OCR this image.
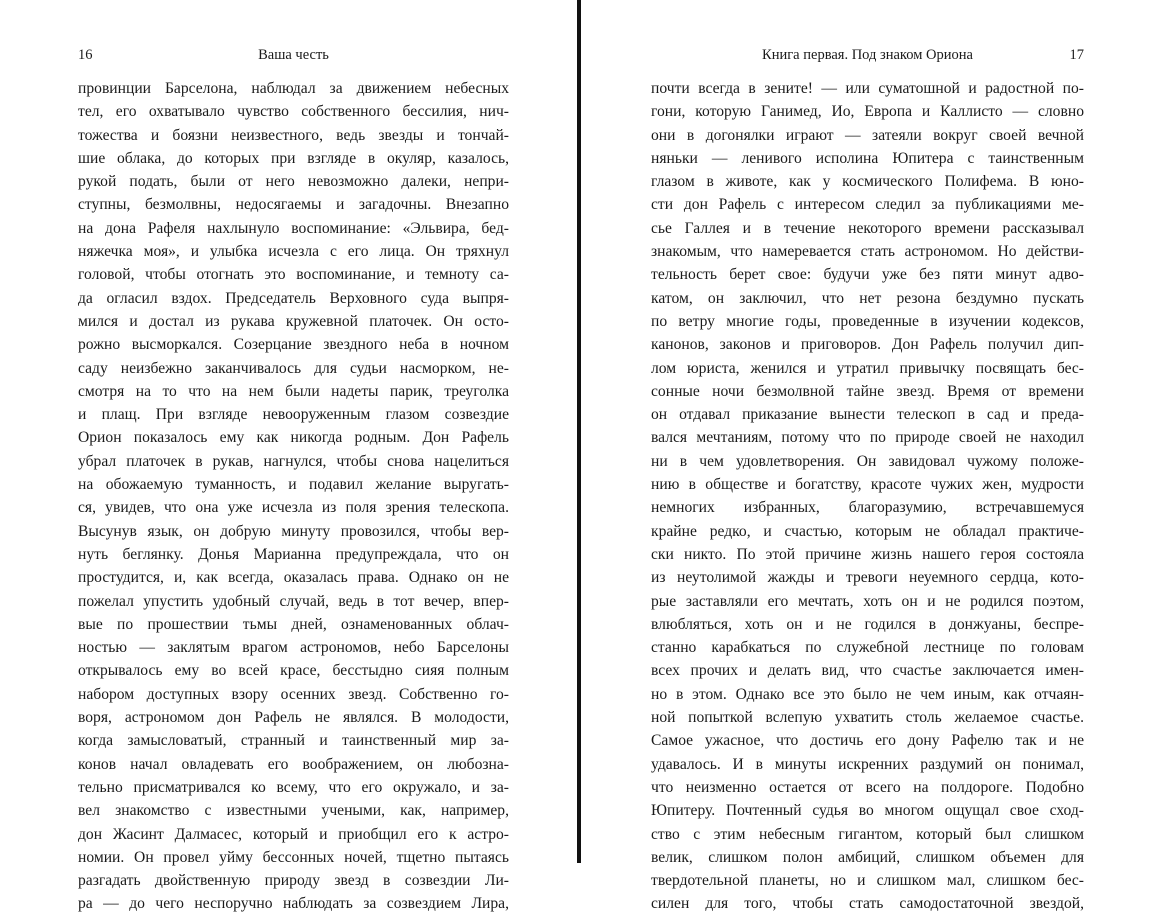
16	Ваша честь
провинции Барселона, наблюдал за движением небесных
тел, его охватывало чувство собственного бессилия, нич-
тожества и боязни неизвестного, ведь звезды и тончай-
шие облака, до которых при взгляде в окуляр, казалось,
рукой подать, были от него невозможно далеки, непри-
ступны, безмолвны, недосягаемы и загадочны. Внезапно
на дона Рафеля нахлынуло воспоминание: «Эльвира, бед-
няжечка моя», и улыбка исчезла с его лица. Он тряхнул
головой, чтобы отогнать это воспоминание, и темноту са-
да огласил вздох. Председатель Верховного суда выпря-
мился и достал из рукава кружевной платочек. Он осто-
рожно высморкался. Созерцание звездного неба в ночном
саду неизбежно заканчивалось для судьи насморком, не-
смотря на то что на нем были надеты парик, треуголка
и плащ. При взгляде невооруженным глазом созвездие
Орион показалось ему как никогда родным. Дон Рафель
убрал платочек в рукав, нагнулся, чтобы снова нацелиться
на обожаемую туманность, и подавил желание выругать-
ся, увидев, что она уже исчезла из поля зрения телескопа.
Высунув язык, он добрую минуту провозился, чтобы вер-
нуть беглянку. Донья Марианна предупреждала, что он
простудится, и, как всегда, оказалась права. Однако он не
пожелал упустить удобный случай, ведь в тот вечер, впер-
вые по прошествии тьмы дней, ознаменованных облач-
ностью — заклятым врагом астрономов, небо Барселоны
открывалось ему во всей красе, бесстыдно сияя полным
набором доступных взору осенних звезд. Собственно го-
воря, астрономом дон Рафель не являлся. В молодости,
когда замысловатый, странный и таинственный мир за-
конов начал овладевать его воображением, он любозна-
тельно присматривался ко всему, что его окружало, и за-
вел знакомство с известными учеными, как, например,
дон Жасинт Далмасес, который и приобщил его к астро-
номии. Он провел уйму бессонных ночей, тщетно пытаясь
разгадать двойственную природу звезд в созвездии Ли-
ра — до чего неспоручно наблюдать за созвездием Лира,
Книга первая. Под знаком Ориона	17
почти всегда в зените! — или суматошной и радостной по-
гони, которую Ганимед, Ио, Европа и Каллисто — словно
они в догонялки играют — затеяли вокруг своей вечной
няньки — ленивого исполина Юпитера с таинственным
глазом в животе, как у космического Полифема. В юно-
сти дон Рафель с интересом следил за публикациями ме-
сье Галлея и в течение некоторого времени рассказывал
знакомым, что намеревается стать астрономом. Но действи-
тельность берет свое: будучи уже без пяти минут адво-
катом, он заключил, что нет резона бездумно пускать
по ветру многие годы, проведенные в изучении кодексов,
канонов, законов и приговоров. Дон Рафель получил дип-
лом юриста, женился и утратил привычку посвящать бес-
сонные ночи безмолвной тайне звезд. Время от времени
он отдавал приказание вынести телескоп в сад и преда-
вался мечтаниям, потому что по природе своей не находил
ни в чем удовлетворения. Он завидовал чужому положе-
нию в обществе и богатству, красоте чужих жен, мудрости
немногих избранных, благоразумию, встречавшемуся
крайне редко, и счастью, которым не обладал практиче-
ски никто. По этой причине жизнь нашего героя состояла
из неутолимой жажды и тревоги неуемного сердца, кото-
рые заставляли его мечтать, хоть он и не родился поэтом,
влюбляться, хоть он и не годился в донжуаны, беспре-
станно карабкаться по служебной лестнице по головам
всех прочих и делать вид, что счастье заключается имен-
но в этом. Однако все это было не чем иным, как отчаян-
ной попыткой вслепую ухватить столь желаемое счастье.
Самое ужасное, что достичь его дону Рафелю так и не
удавалось. И в минуты искренних раздумий он понимал,
что неизменно остается от всего на полдороге. Подобно
Юпитеру. Почтенный судья во многом ощущал свое сход-
ство с этим небесным гигантом, который был слишком
велик, слишком полон амбиций, слишком объемен для
твердотельной планеты, но и слишком мал, слишком бес-
силен для того, чтобы стать самодостаточной звездой,
